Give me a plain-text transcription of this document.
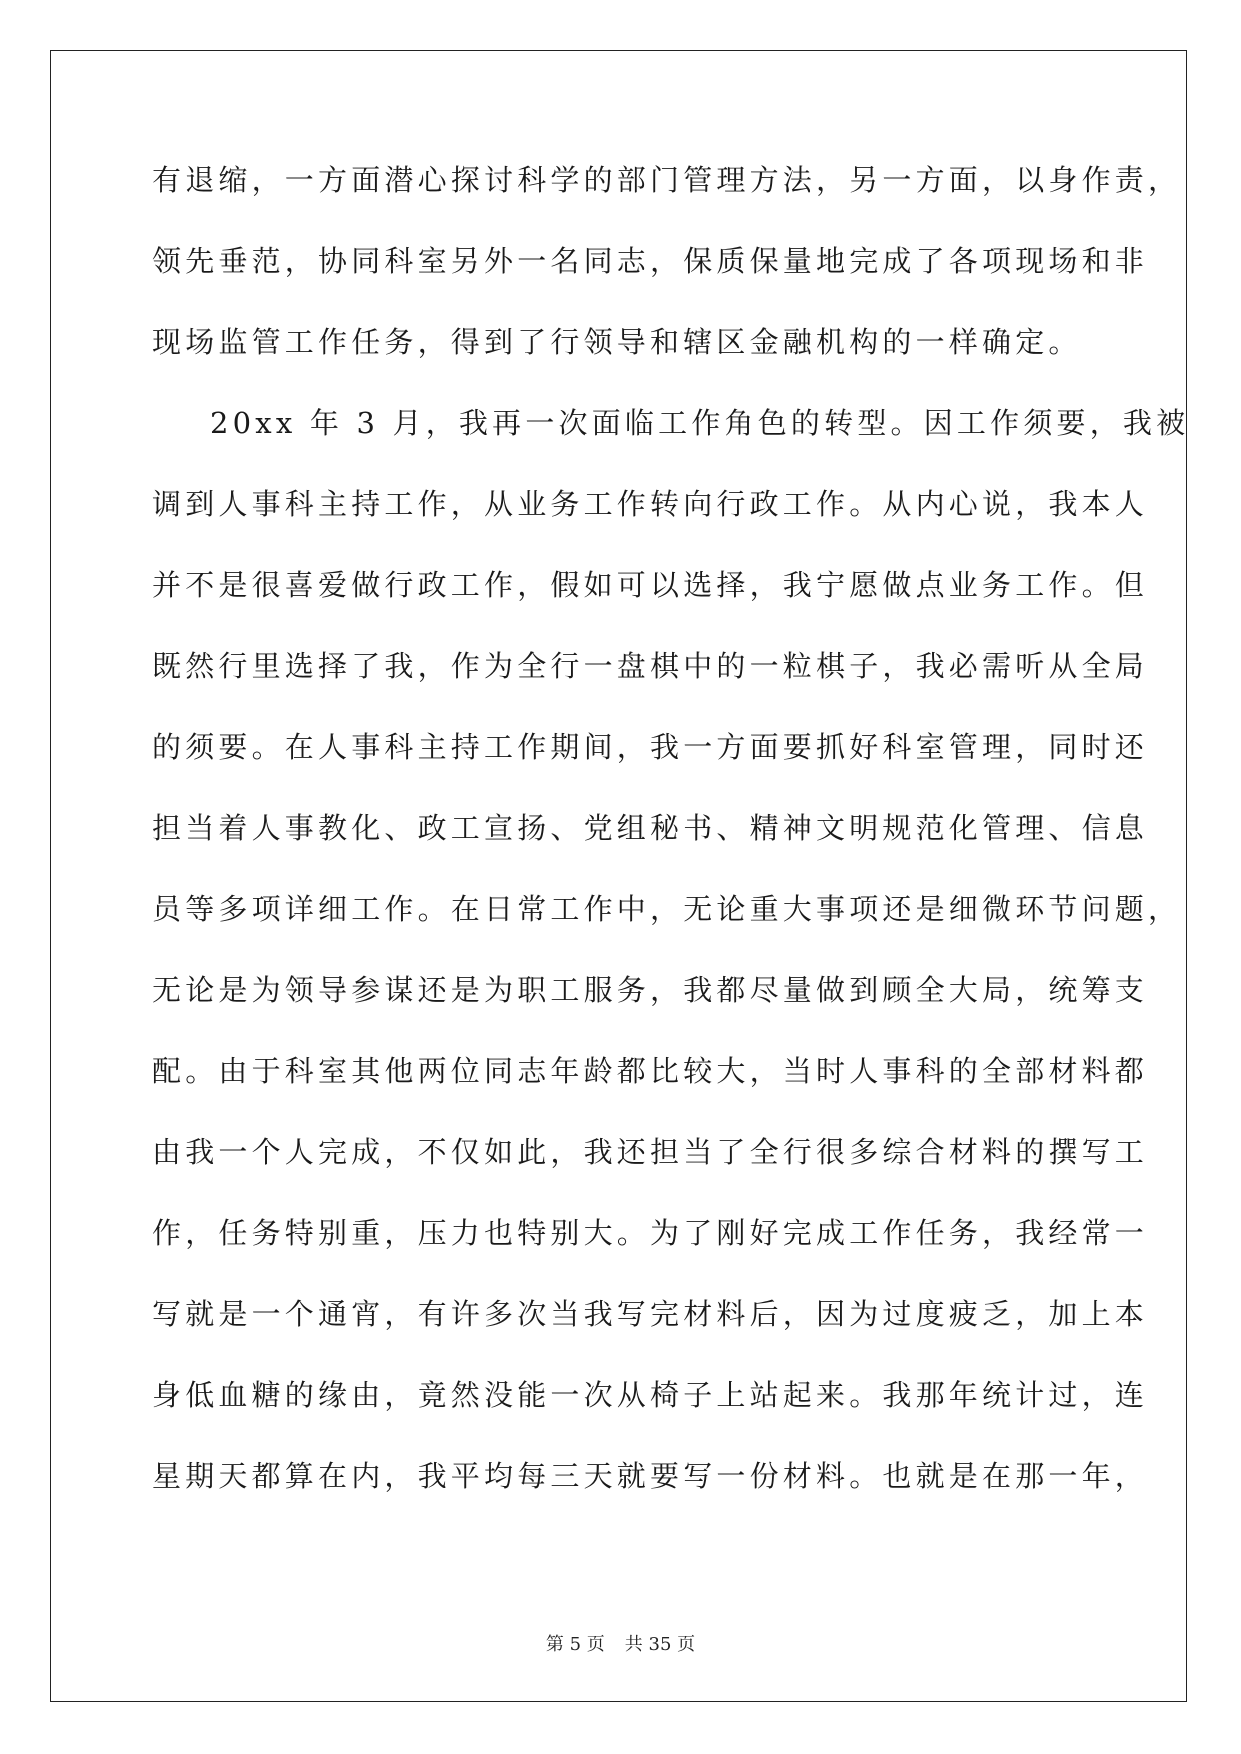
有退缩，一方面潜心探讨科学的部门管理方法，另一方面，以身作责，
领先垂范，协同科室另外一名同志，保质保量地完成了各项现场和非
现场监管工作任务，得到了行领导和辖区金融机构的一样确定。
20xx 年 3 月，我再一次面临工作角色的转型。因工作须要，我被
调到人事科主持工作，从业务工作转向行政工作。从内心说，我本人
并不是很喜爱做行政工作，假如可以选择，我宁愿做点业务工作。但
既然行里选择了我，作为全行一盘棋中的一粒棋子，我必需听从全局
的须要。在人事科主持工作期间，我一方面要抓好科室管理，同时还
担当着人事教化、政工宣扬、党组秘书、精神文明规范化管理、信息
员等多项详细工作。在日常工作中，无论重大事项还是细微环节问题，
无论是为领导参谋还是为职工服务，我都尽量做到顾全大局，统筹支
配。由于科室其他两位同志年龄都比较大，当时人事科的全部材料都
由我一个人完成，不仅如此，我还担当了全行很多综合材料的撰写工
作，任务特别重，压力也特别大。为了刚好完成工作任务，我经常一
写就是一个通宵，有许多次当我写完材料后，因为过度疲乏，加上本
身低血糖的缘由，竟然没能一次从椅子上站起来。我那年统计过，连
星期天都算在内，我平均每三天就要写一份材料。也就是在那一年，
第 5 页 共 35 页
